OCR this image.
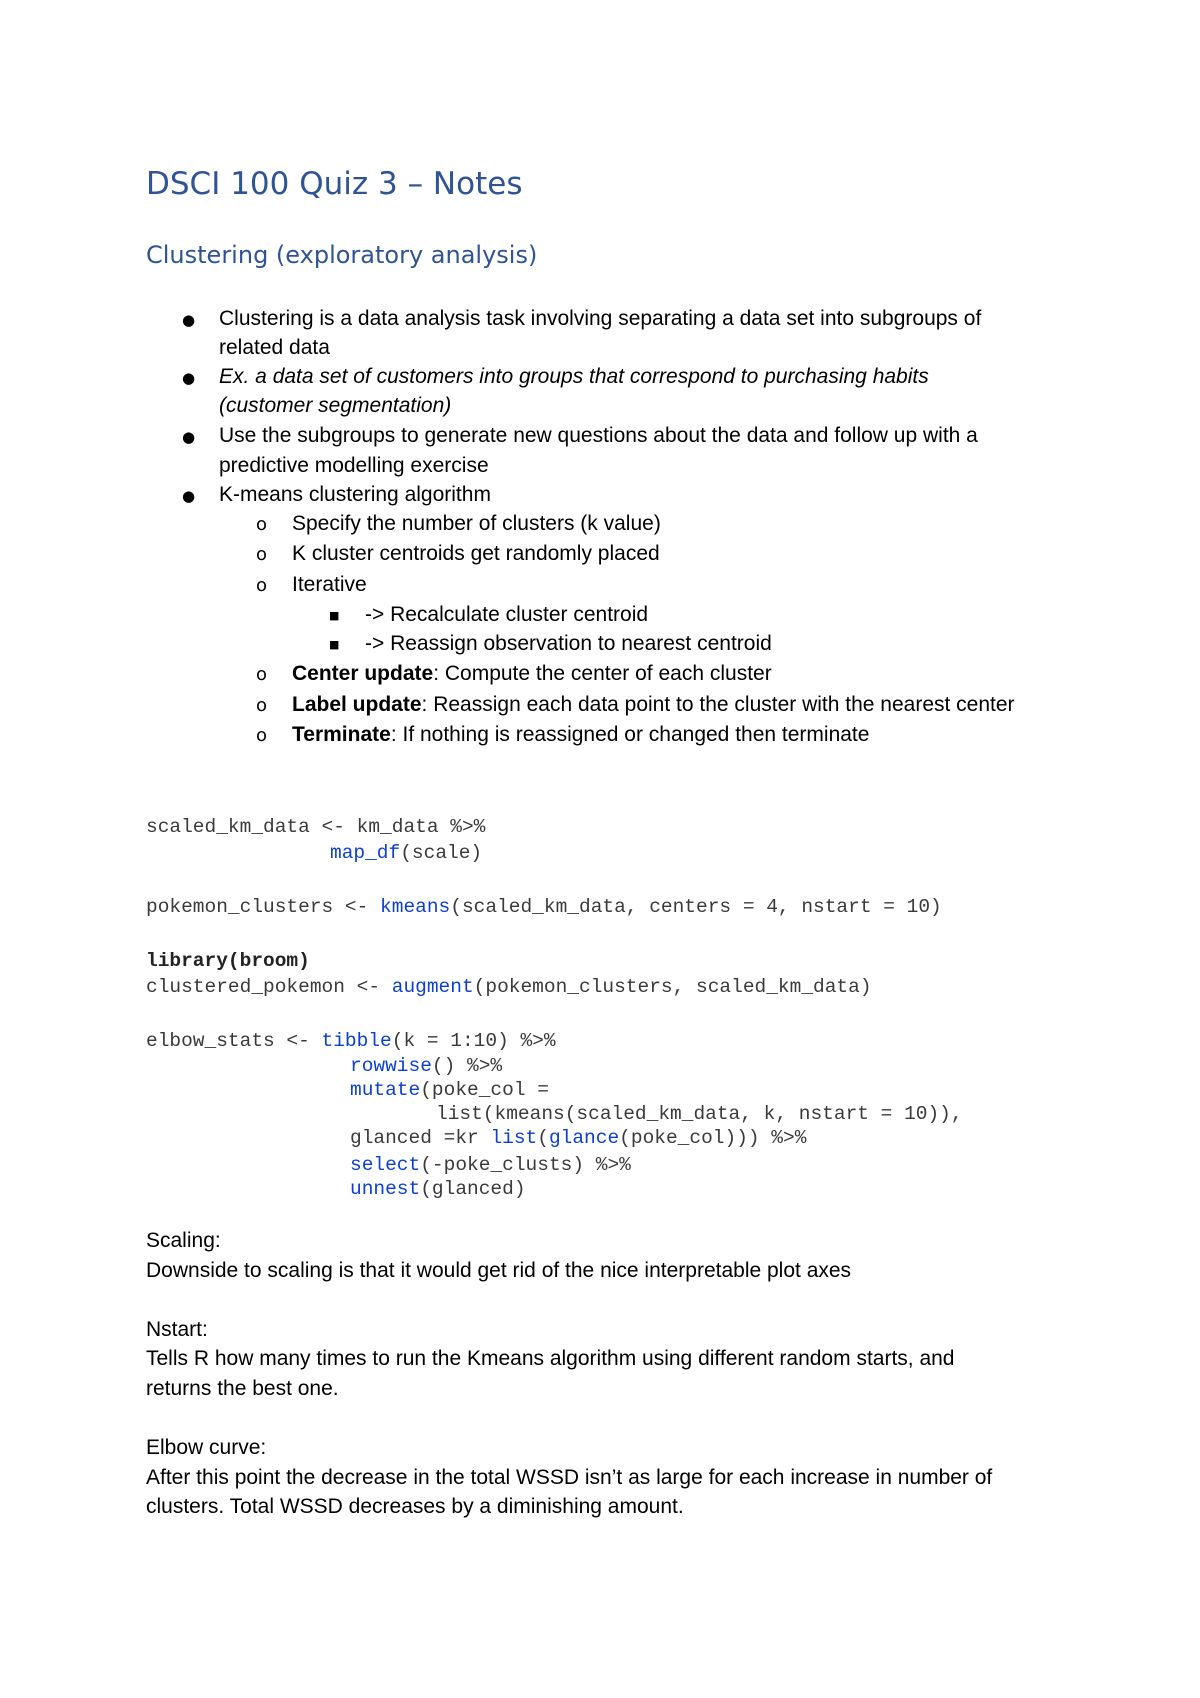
DSCI 100 Quiz 3 – Notes
Clustering (exploratory analysis)
● Clustering is a data analysis task involving separating a data set into subgroups of
related data
● Ex. a data set of customers into groups that correspond to purchasing habits
(customer segmentation)
● Use the subgroups to generate new questions about the data and follow up with a
predictive modelling exercise
● K-means clustering algorithm
o Specify the number of clusters (k value)
o K cluster centroids get randomly placed
o Iterative
■ -> Recalculate cluster centroid
■ -> Reassign observation to nearest centroid
o Center update: Compute the center of each cluster
o Label update: Reassign each data point to the cluster with the nearest center
o Terminate: If nothing is reassigned or changed then terminate
scaled_km_data <- km_data %>%
map_df(scale)
pokemon_clusters <- kmeans(scaled_km_data, centers = 4, nstart = 10)
library(broom)
clustered_pokemon <- augment(pokemon_clusters, scaled_km_data)
elbow_stats <- tibble(k = 1:10) %>%
rowwise() %>%
mutate(poke_col =
list(kmeans(scaled_km_data, k, nstart = 10)),
glanced =kr list(glance(poke_col))) %>%
select(-poke_clusts) %>%
unnest(glanced)
Scaling:
Downside to scaling is that it would get rid of the nice interpretable plot axes
Nstart:
Tells R how many times to run the Kmeans algorithm using different random starts, and
returns the best one.
Elbow curve:
After this point the decrease in the total WSSD isn’t as large for each increase in number of
clusters. Total WSSD decreases by a diminishing amount.
